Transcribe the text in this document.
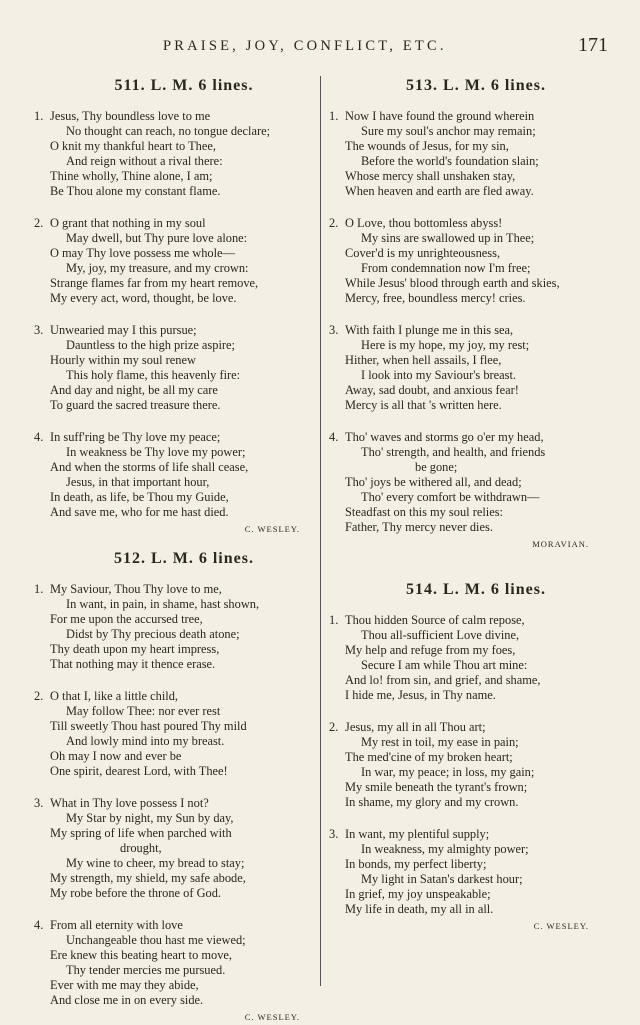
PRAISE, JOY, CONFLICT, ETC.	171
511. L. M. 6 lines.
1. Jesus, Thy boundless love to me
No thought can reach, no tongue declare;
O knit my thankful heart to Thee,
And reign without a rival there:
Thine wholly, Thine alone, I am;
Be Thou alone my constant flame.
2. O grant that nothing in my soul
May dwell, but Thy pure love alone:
O may Thy love possess me whole—
My, joy, my treasure, and my crown:
Strange flames far from my heart remove,
My every act, word, thought, be love.
3. Unwearied may I this pursue;
Dauntless to the high prize aspire;
Hourly within my soul renew
This holy flame, this heavenly fire:
And day and night, be all my care
To guard the sacred treasure there.
4. In suff'ring be Thy love my peace;
In weakness be Thy love my power;
And when the storms of life shall cease,
Jesus, in that important hour,
In death, as life, be Thou my Guide,
And save me, who for me hast died.
C. WESLEY.
512. L. M. 6 lines.
1. My Saviour, Thou Thy love to me,
In want, in pain, in shame, hast shown,
For me upon the accursed tree,
Didst by Thy precious death atone;
Thy death upon my heart impress,
That nothing may it thence erase.
2. O that I, like a little child,
May follow Thee: nor ever rest
Till sweetly Thou hast poured Thy mild
And lowly mind into my breast.
Oh may I now and ever be
One spirit, dearest Lord, with Thee!
3. What in Thy love possess I not?
My Star by night, my Sun by day,
My spring of life when parched with
drought,
My wine to cheer, my bread to stay;
My strength, my shield, my safe abode,
My robe before the throne of God.
4. From all eternity with love
Unchangeable thou hast me viewed;
Ere knew this beating heart to move,
Thy tender mercies me pursued.
Ever with me may they abide,
And close me in on every side.
C. WESLEY.
513. L. M. 6 lines.
1. Now I have found the ground wherein
Sure my soul's anchor may remain;
The wounds of Jesus, for my sin,
Before the world's foundation slain;
Whose mercy shall unshaken stay,
When heaven and earth are fled away.
2. O Love, thou bottomless abyss!
My sins are swallowed up in Thee;
Cover'd is my unrighteousness,
From condemnation now I'm free;
While Jesus' blood through earth and skies,
Mercy, free, boundless mercy! cries.
3. With faith I plunge me in this sea,
Here is my hope, my joy, my rest;
Hither, when hell assails, I flee,
I look into my Saviour's breast.
Away, sad doubt, and anxious fear!
Mercy is all that 's written here.
4. Tho' waves and storms go o'er my head,
Tho' strength, and health, and friends
be gone;
Tho' joys be withered all, and dead;
Tho' every comfort be withdrawn—
Steadfast on this my soul relies:
Father, Thy mercy never dies.
MORAVIAN.
514. L. M. 6 lines.
1. Thou hidden Source of calm repose,
Thou all-sufficient Love divine,
My help and refuge from my foes,
Secure I am while Thou art mine:
And lo! from sin, and grief, and shame,
I hide me, Jesus, in Thy name.
2. Jesus, my all in all Thou art;
My rest in toil, my ease in pain;
The med'cine of my broken heart;
In war, my peace; in loss, my gain;
My smile beneath the tyrant's frown;
In shame, my glory and my crown.
3. In want, my plentiful supply;
In weakness, my almighty power;
In bonds, my perfect liberty;
My light in Satan's darkest hour;
In grief, my joy unspeakable;
My life in death, my all in all.
C. WESLEY.
